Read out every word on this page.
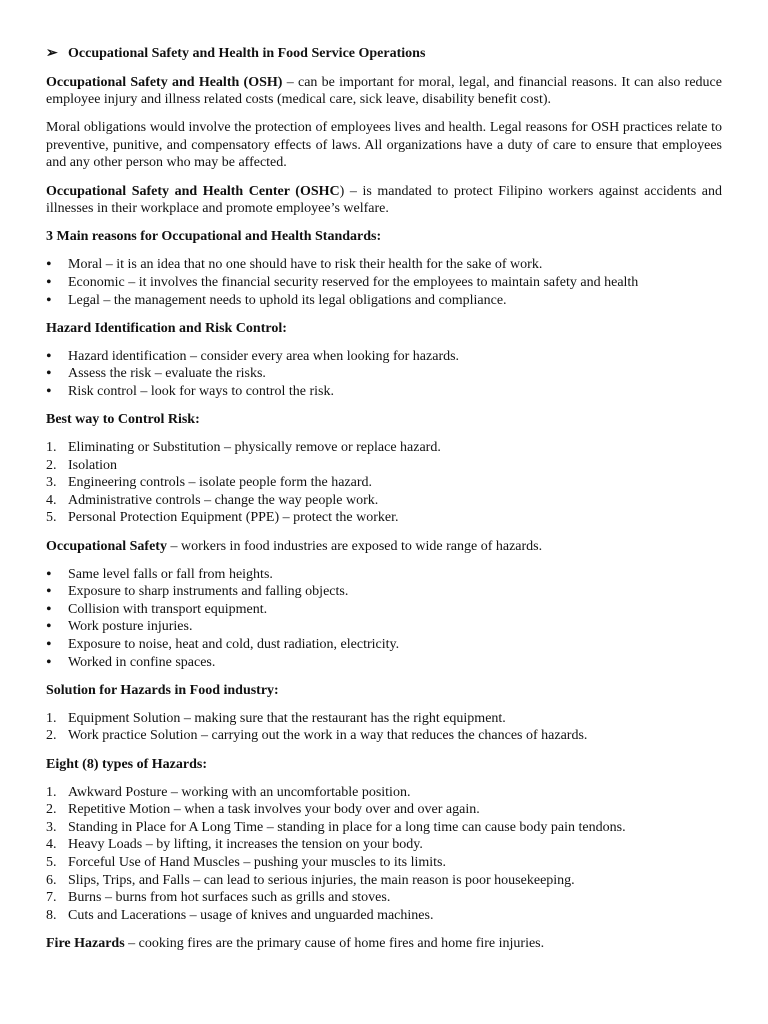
➢ Occupational Safety and Health in Food Service Operations

Occupational Safety and Health (OSH) – can be important for moral, legal, and financial reasons. It can also reduce employee injury and illness related costs (medical care, sick leave, disability benefit cost).

Moral obligations would involve the protection of employees lives and health. Legal reasons for OSH practices relate to preventive, punitive, and compensatory effects of laws. All organizations have a duty of care to ensure that employees and any other person who may be affected.

Occupational Safety and Health Center (OSHC) – is mandated to protect Filipino workers against accidents and illnesses in their workplace and promote employee’s welfare.

3 Main reasons for Occupational and Health Standards:

•	Moral – it is an idea that no one should have to risk their health for the sake of work.
•	Economic – it involves the financial security reserved for the employees to maintain safety and health
•	Legal – the management needs to uphold its legal obligations and compliance.

Hazard Identification and Risk Control:

•	Hazard identification – consider every area when looking for hazards.
•	Assess the risk – evaluate the risks.
•	Risk control – look for ways to control the risk.

Best way to Control Risk:

1. Eliminating or Substitution – physically remove or replace hazard.
2. Isolation
3. Engineering controls – isolate people form the hazard.
4. Administrative controls – change the way people work.
5. Personal Protection Equipment (PPE) – protect the worker.

Occupational Safety – workers in food industries are exposed to wide range of hazards.

•	Same level falls or fall from heights.
•	Exposure to sharp instruments and falling objects.
•	Collision with transport equipment.
•	Work posture injuries.
•	Exposure to noise, heat and cold, dust radiation, electricity.
•	Worked in confine spaces.

Solution for Hazards in Food industry:

1. Equipment Solution – making sure that the restaurant has the right equipment.
2. Work practice Solution – carrying out the work in a way that reduces the chances of hazards.

Eight (8) types of Hazards:

1. Awkward Posture – working with an uncomfortable position.
2. Repetitive Motion – when a task involves your body over and over again.
3. Standing in Place for A Long Time – standing in place for a long time can cause body pain tendons.
4. Heavy Loads – by lifting, it increases the tension on your body.
5. Forceful Use of Hand Muscles – pushing your muscles to its limits.
6. Slips, Trips, and Falls – can lead to serious injuries, the main reason is poor housekeeping.
7. Burns – burns from hot surfaces such as grills and stoves.
8. Cuts and Lacerations – usage of knives and unguarded machines.

Fire Hazards – cooking fires are the primary cause of home fires and home fire injuries.
